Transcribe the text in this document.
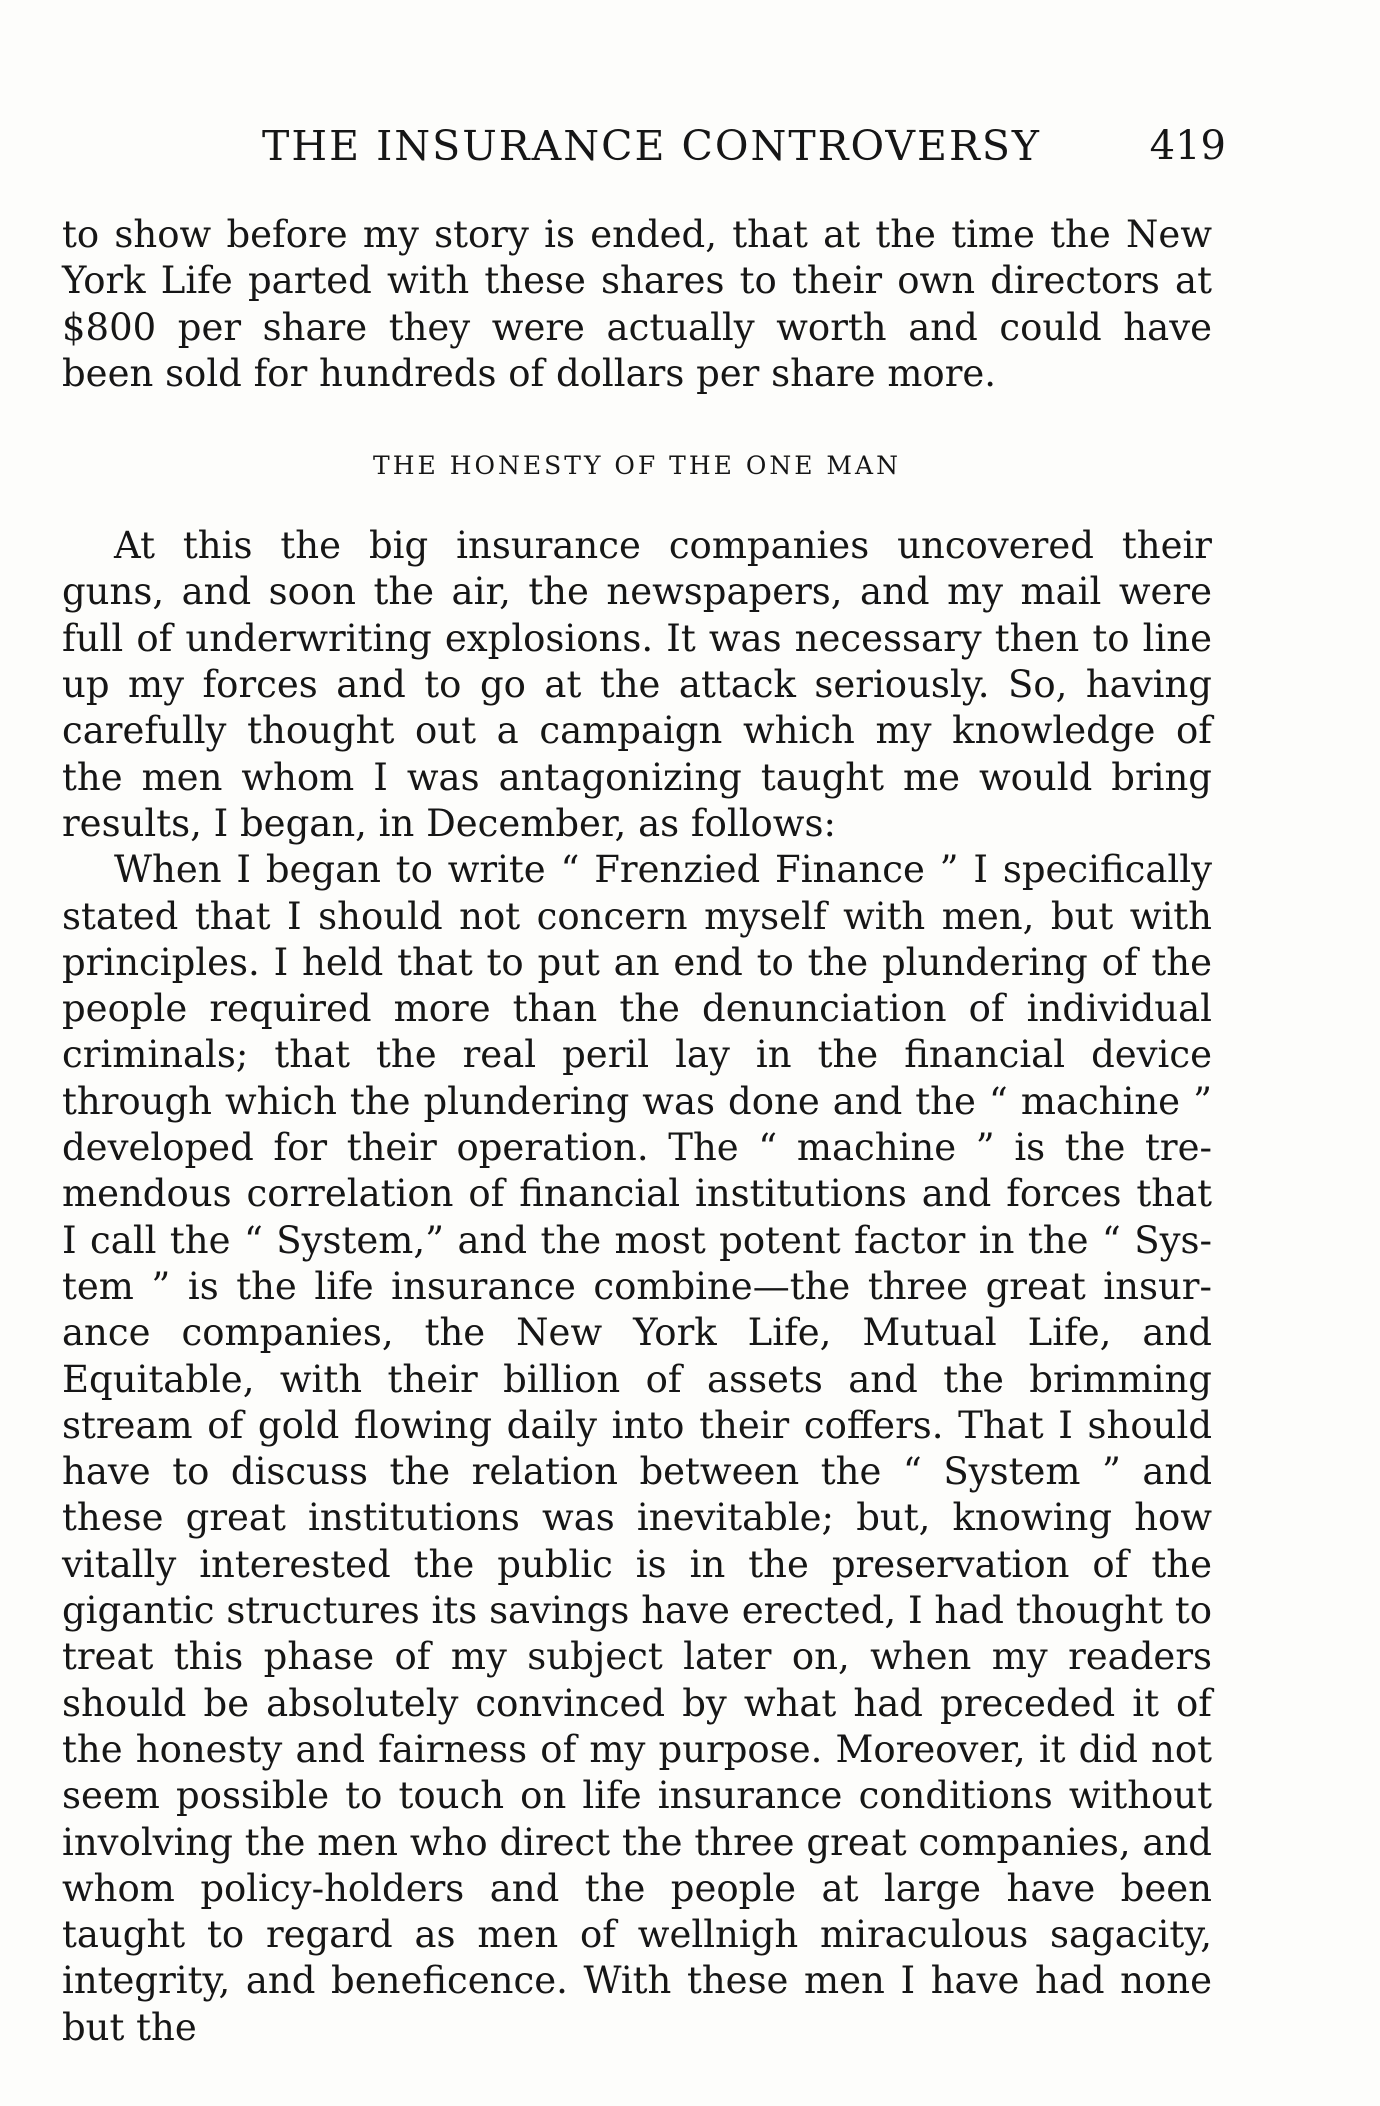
THE INSURANCE CONTROVERSY	419

to show before my story is ended, that at the time the New York Life parted with these shares to their own directors at $800 per share they were actually worth and could have been sold for hundreds of dollars per share more.

THE HONESTY OF THE ONE MAN

At this the big insurance companies uncovered their guns, and soon the air, the newspapers, and my mail were full of underwriting explosions. It was necessary then to line up my forces and to go at the attack seriously. So, having carefully thought out a campaign which my knowledge of the men whom I was antagonizing taught me would bring results, I began, in December, as follows:

When I began to write “ Frenzied Finance ” I specifically stated that I should not concern myself with men, but with principles. I held that to put an end to the plundering of the people required more than the denunciation of individual criminals; that the real peril lay in the financial device through which the plundering was done and the “ machine ” developed for their operation. The “ machine ” is the tremendous correlation of financial institutions and forces that I call the “ System,” and the most potent factor in the “ System ” is the life insurance combine—the three great insurance companies, the New York Life, Mutual Life, and Equitable, with their billion of assets and the brimming stream of gold flowing daily into their coffers. That I should have to discuss the relation between the “ System ” and these great institutions was inevitable; but, knowing how vitally interested the public is in the preservation of the gigantic structures its savings have erected, I had thought to treat this phase of my subject later on, when my readers should be absolutely convinced by what had preceded it of the honesty and fairness of my purpose. Moreover, it did not seem possible to touch on life insurance conditions without involving the men who direct the three great companies, and whom policy-holders and the people at large have been taught to regard as men of wellnigh miraculous sagacity, integrity, and beneficence. With these men I have had none but the
